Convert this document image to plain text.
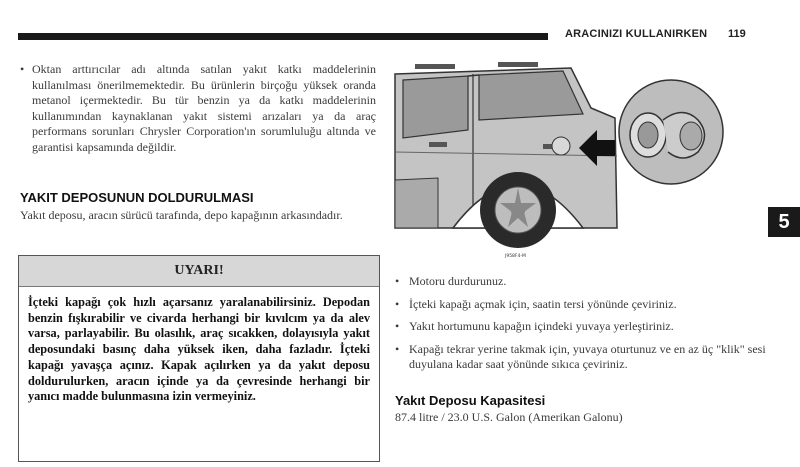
ARACINIZI KULLANIRKEN 119
• Oktan arttırıcılar adı altında satılan yakıt katkı maddelerinin kullanılması önerilmemektedir. Bu ürünlerin birçoğu yüksek oranda metanol içermektedir. Bu tür benzin ya da katkı maddelerinin kullanımından kaynaklanan yakıt sistemi arızaları ya da araç performans sorunları Chrysler Corporation'ın sorumluluğu altında ve garantisi kapsamında değildir.
YAKIT DEPOSUNUN DOLDURULMASI
Yakıt deposu, aracın sürücü tarafında, depo kapağının arkasındadır.
UYARI!
İçteki kapağı çok hızlı açarsanız yaralanabilirsiniz. Depodan benzin fışkırabilir ve civarda herhangi bir kıvılcım ya da alev varsa, parlayabilir. Bu olasılık, araç sıcakken, dolayısıyla yakıt deposundaki basınç daha yüksek iken, daha fazladır. İçteki kapağı yavaşça açınız. Kapak açılırken ya da yakıt deposu doldurulurken, aracın içinde ya da çevresinde herhangi bir yanıcı madde bulunmasına izin vermeyiniz.
J958F4-M
5
• Motoru durdurunuz.
• İçteki kapağı açmak için, saatin tersi yönünde çeviriniz.
• Yakıt hortumunu kapağın içindeki yuvaya yerleştiriniz.
• Kapağı tekrar yerine takmak için, yuvaya oturtunuz ve en az üç "klik" sesi duyulana kadar saat yönünde sıkıca çeviriniz.
Yakıt Deposu Kapasitesi
87.4 litre / 23.0 U.S. Galon (Amerikan Galonu)
